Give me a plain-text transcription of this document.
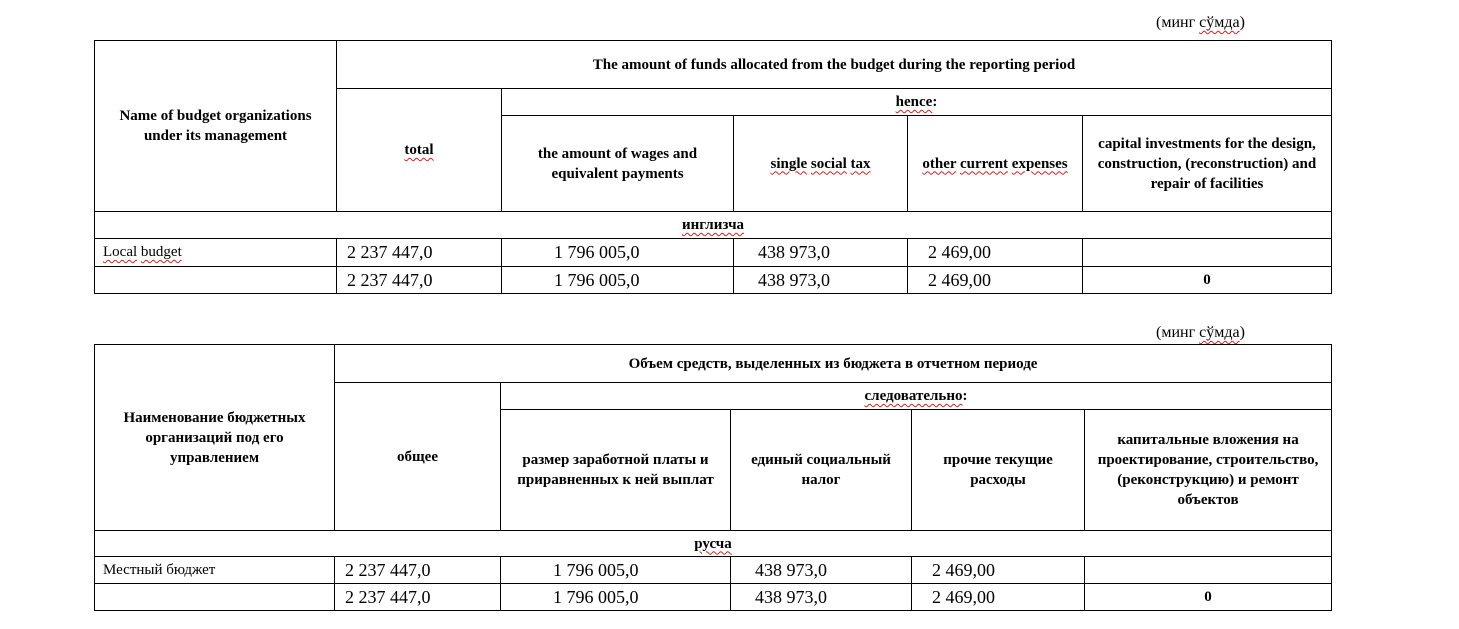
(минг сўмда)
Name of budget organizations under its management	The amount of funds allocated from the budget during the reporting period				
	total	hence:			
		the amount of wages and equivalent payments	single social tax	other current expenses	capital investments for the design, construction, (reconstruction) and repair of facilities
инглизча					
Local budget	2 237 447,0	1 796 005,0	438 973,0	2 469,00	
	2 237 447,0	1 796 005,0	438 973,0	2 469,00	0
(минг сўмда)
Наименование бюджетных организаций под его управлением	Объем средств, выделенных из бюджета в отчетном периоде				
	общее	следовательно:			
		размер заработной платы и приравненных к ней выплат	единый социальный налог	прочие текущие расходы	капитальные вложения на проектирование, строительство, (реконструкцию) и ремонт объектов
русча					
Местный бюджет	2 237 447,0	1 796 005,0	438 973,0	2 469,00	
	2 237 447,0	1 796 005,0	438 973,0	2 469,00	0
